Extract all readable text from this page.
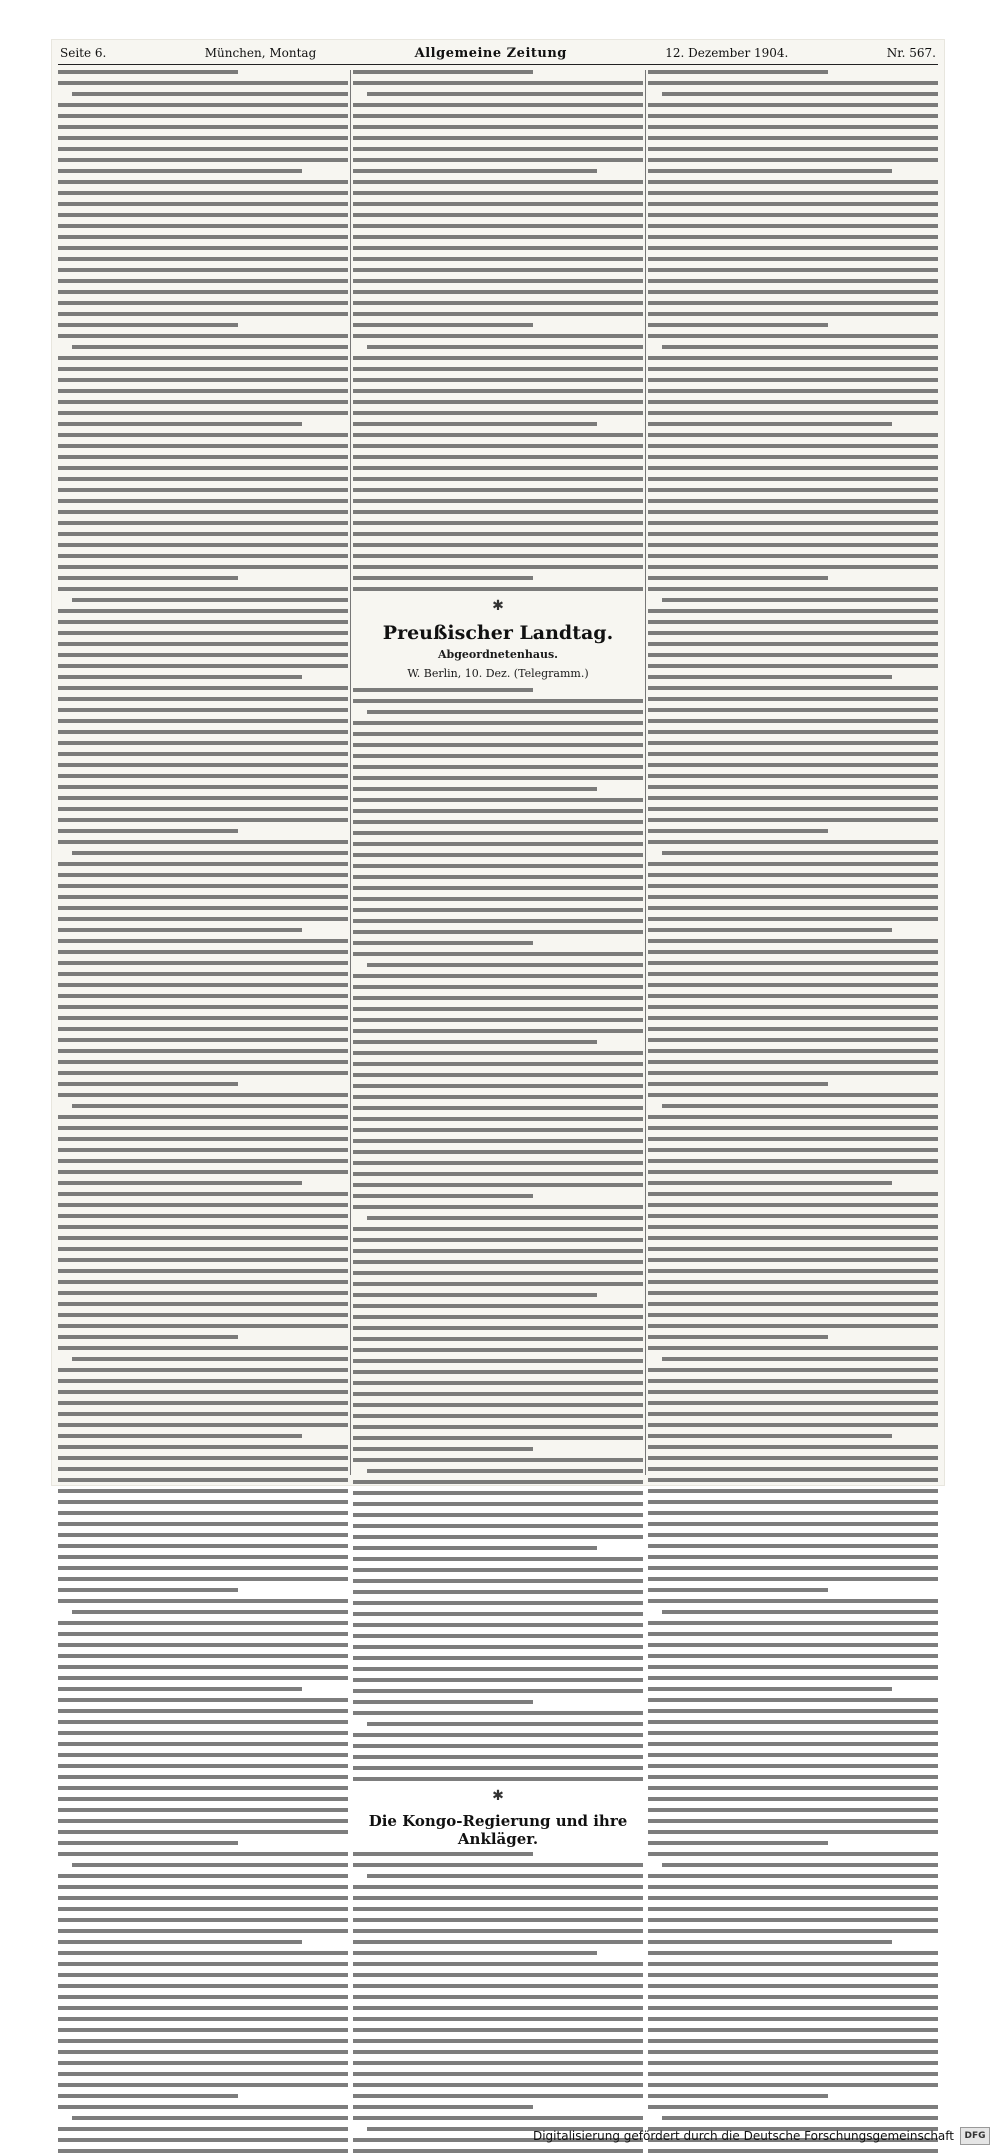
Seite 6.	München, Montag	Allgemeine Zeitung	12. Dezember 1904.	Nr. 567.
✱
Preußischer Landtag.
Abgeordnetenhaus.
W. Berlin, 10. Dez. (Telegramm.)
✱
Die Kongo-Regierung und ihre Ankläger.
Digitalisierung gefördert durch die Deutsche Forschungsgemeinschaft	DFG
